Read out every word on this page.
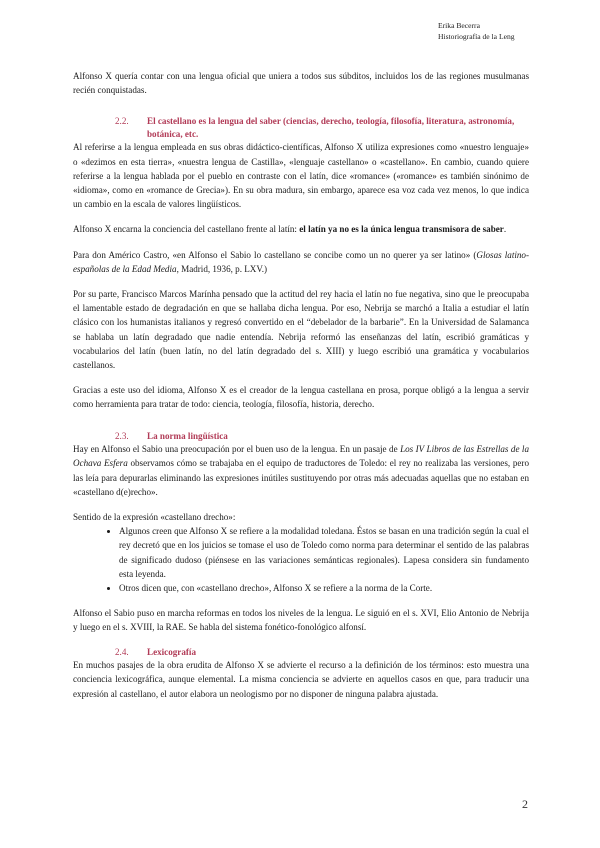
Erika Becerra
Historiografía de la Leng

Alfonso X quería contar con una lengua oficial que uniera a todos sus súbditos, incluidos los de las regiones musulmanas recién conquistadas.

2.2.	El castellano es la lengua del saber (ciencias, derecho, teología, filosofía, literatura, astronomía, botánica, etc.

Al referirse a la lengua empleada en sus obras didáctico-científicas, Alfonso X utiliza expresiones como «nuestro lenguaje» o «dezimos en esta tierra», «nuestra lengua de Castilla», «lenguaje castellano» o «castellano». En cambio, cuando quiere referirse a la lengua hablada por el pueblo en contraste con el latín, dice «romance» («romance» es también sinónimo de «idioma», como en «romance de Grecia»). En su obra madura, sin embargo, aparece esa voz cada vez menos, lo que indica un cambio en la escala de valores lingüísticos.

Alfonso X encarna la conciencia del castellano frente al latín: el latín ya no es la única lengua transmisora de saber.

Para don Américo Castro, «en Alfonso el Sabio lo castellano se concibe como un no querer ya ser latino» (Glosas latino-españolas de la Edad Media, Madrid, 1936, p. LXV.)

Por su parte, Francisco Marcos Marínha pensado que la actitud del rey hacia el latín no fue negativa, sino que le preocupaba el lamentable estado de degradación en que se hallaba dicha lengua. Por eso, Nebrija se marchó a Italia a estudiar el latín clásico con los humanistas italianos y regresó convertido en el “debelador de la barbarie”. En la Universidad de Salamanca se hablaba un latín degradado que nadie entendía. Nebrija reformó las enseñanzas del latín, escribió gramáticas y vocabularios del latín (buen latín, no del latín degradado del s. XIII) y luego escribió una gramática y vocabularios castellanos.

Gracias a este uso del idioma, Alfonso X es el creador de la lengua castellana en prosa, porque obligó a la lengua a servir como herramienta para tratar de todo: ciencia, teología, filosofía, historia, derecho.

2.3.	La norma lingüística

Hay en Alfonso el Sabio una preocupación por el buen uso de la lengua. En un pasaje de Los IV Libros de las Estrellas de la Ochava Esfera observamos cómo se trabajaba en el equipo de traductores de Toledo: el rey no realizaba las versiones, pero las leía para depurarlas eliminando las expresiones inútiles sustituyendo por otras más adecuadas aquellas que no estaban en «castellano d(e)recho».

Sentido de la expresión «castellano drecho»:

• Algunos creen que Alfonso X se refiere a la modalidad toledana. Éstos se basan en una tradición según la cual el rey decretó que en los juicios se tomase el uso de Toledo como norma para determinar el sentido de las palabras de significado dudoso (piénsese en las variaciones semánticas regionales). Lapesa considera sin fundamento esta leyenda.
• Otros dicen que, con «castellano drecho», Alfonso X se refiere a la norma de la Corte.

Alfonso el Sabio puso en marcha reformas en todos los niveles de la lengua. Le siguió en el s. XVI, Elio Antonio de Nebrija y luego en el s. XVIII, la RAE. Se habla del sistema fonético-fonológico alfonsí.

2.4.	Lexicografía

En muchos pasajes de la obra erudita de Alfonso X se advierte el recurso a la definición de los términos: esto muestra una conciencia lexicográfica, aunque elemental. La misma conciencia se advierte en aquellos casos en que, para traducir una expresión al castellano, el autor elabora un neologismo por no disponer de ninguna palabra ajustada.

2
